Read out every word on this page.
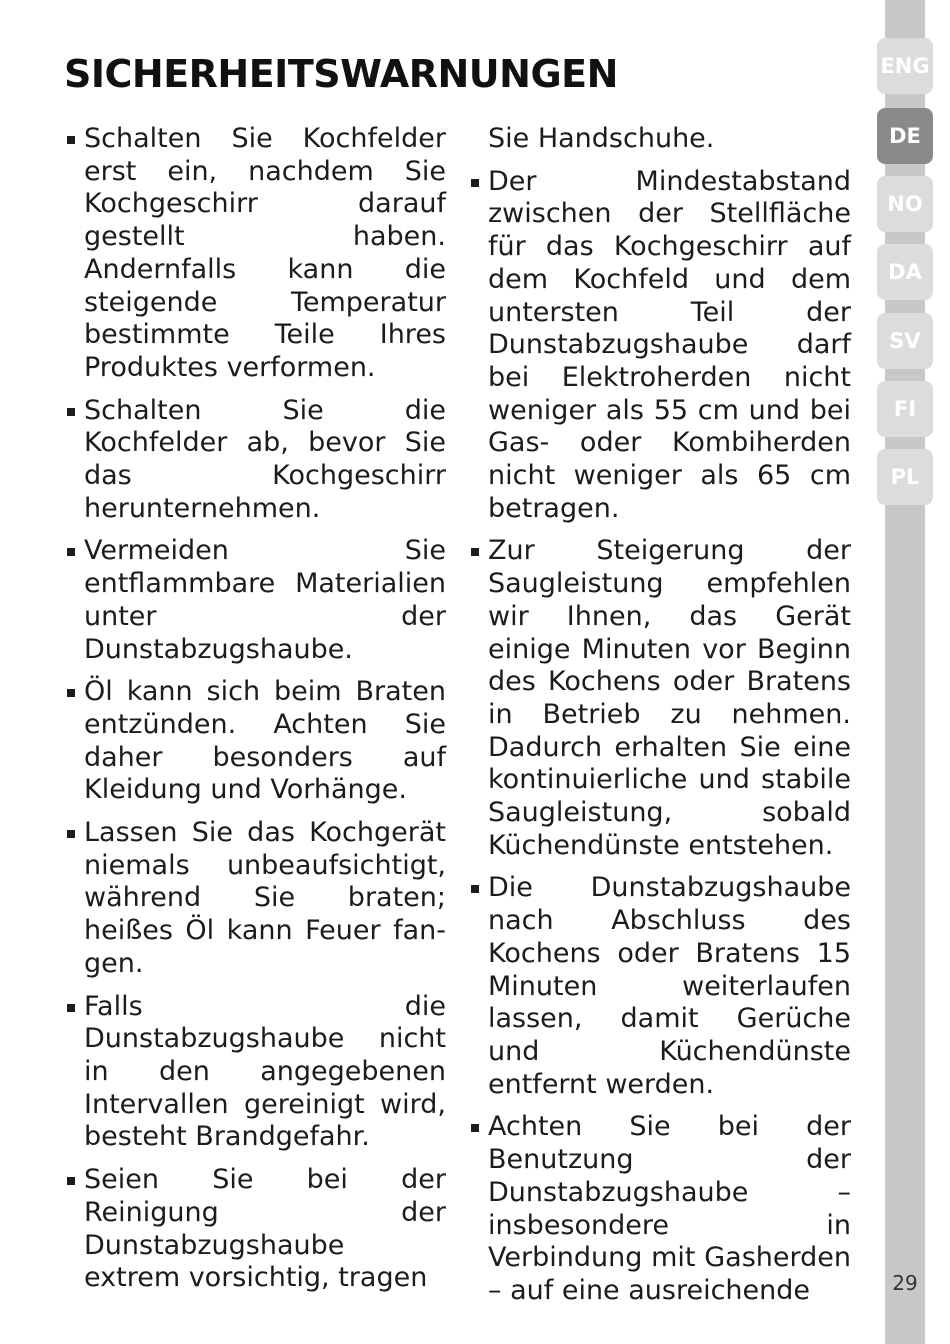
SICHERHEITSWARNUNGEN
Schalten Sie Kochfelder erst ein, nachdem Sie Kochgeschirr darauf gestellt haben. Andernfalls kann die steigende Temperatur bestimmte Teile Ihres Produktes verformen.
Schalten Sie die Kochfelder ab, bevor Sie das Kochgeschirr herunternehmen.
Vermeiden Sie entflammbare Materialien unter der Dunstabzugshaube.
Öl kann sich beim Braten entzünden. Achten Sie daher besonders auf Kleidung und Vorhänge.
Lassen Sie das Kochgerät niemals unbeaufsichtigt, während Sie braten; heißes Öl kann Feuer fan-gen.
Falls die Dunstabzugshaube nicht in den angegebenen Intervallen gereinigt wird, besteht Brandgefahr.
Seien Sie bei der Reinigung der Dunstabzugshaube extrem vorsichtig, tragen
Sie Handschuhe.
Der Mindestabstand zwischen der Stellfläche für das Kochgeschirr auf dem Kochfeld und dem untersten Teil der Dunstabzugshaube darf bei Elektroherden nicht weniger als 55 cm und bei Gas- oder Kombiherden nicht weniger als 65 cm betragen.
Zur Steigerung der Saugleistung empfehlen wir Ihnen, das Gerät einige Minuten vor Beginn des Kochens oder Bratens in Betrieb zu nehmen. Dadurch erhalten Sie eine kontinuierliche und stabile Saugleistung, sobald Küchendünste entstehen.
Die Dunstabzugshaube nach Abschluss des Kochens oder Bratens 15 Minuten weiterlaufen lassen, damit Gerüche und Küchendünste entfernt werden.
Achten Sie bei der Benutzung der Dunstabzugshaube – insbesondere in Verbindung mit Gasherden – auf eine ausreichende
ENG
DE
NO
DA
SV
FI
PL
29
